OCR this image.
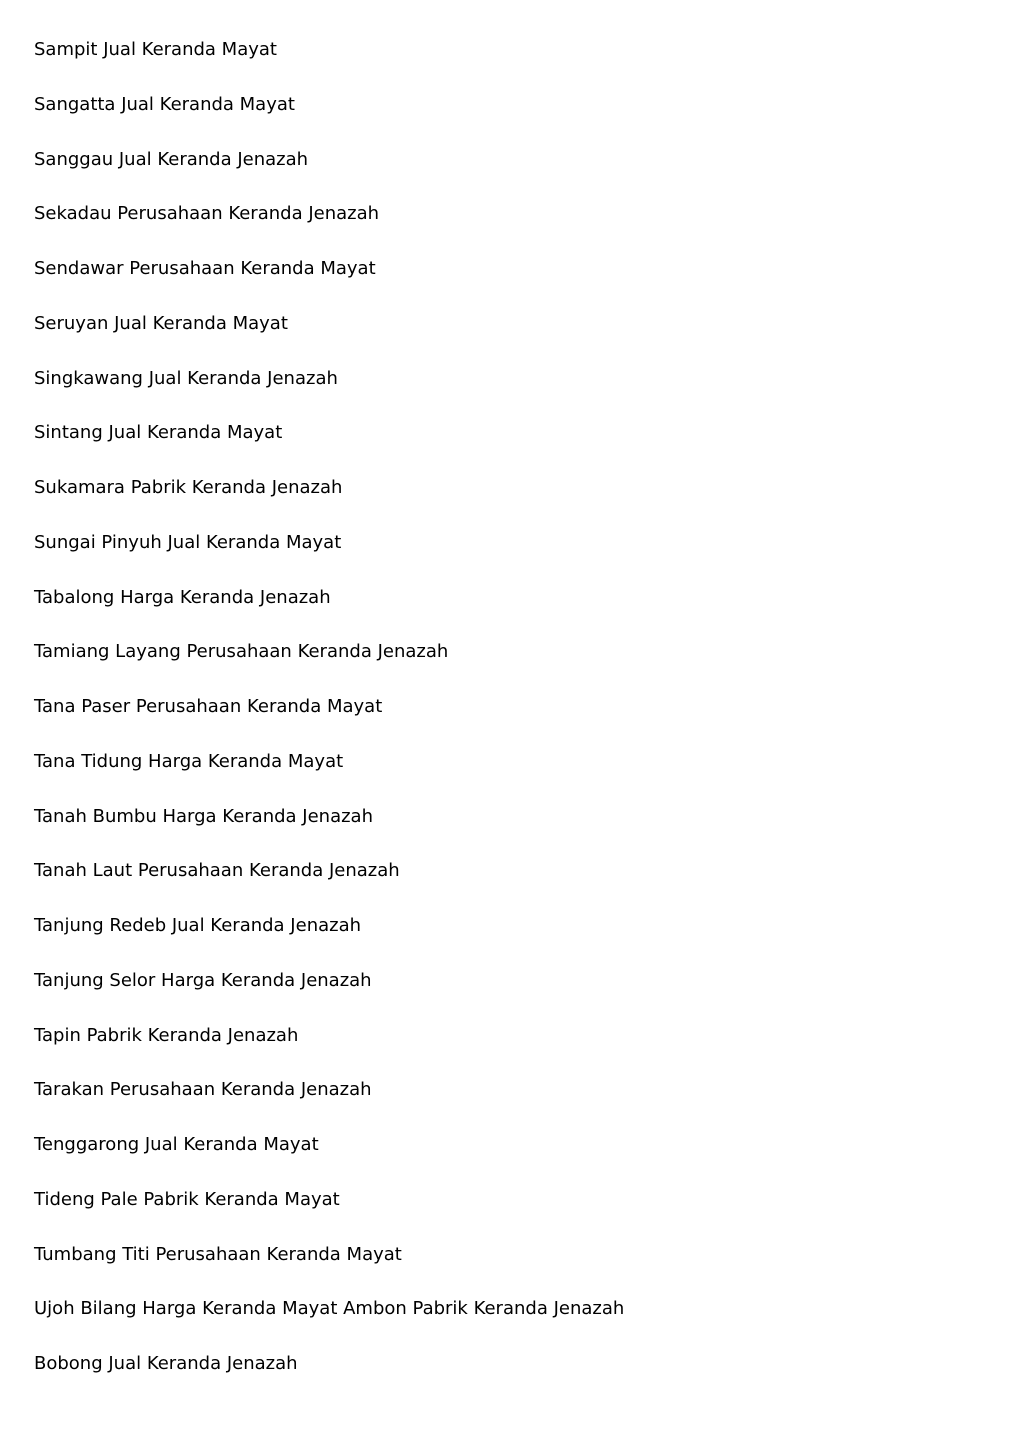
Sampit Jual Keranda Mayat
Sangatta Jual Keranda Mayat
Sanggau Jual Keranda Jenazah
Sekadau Perusahaan Keranda Jenazah
Sendawar Perusahaan Keranda Mayat
Seruyan Jual Keranda Mayat
Singkawang Jual Keranda Jenazah
Sintang Jual Keranda Mayat
Sukamara Pabrik Keranda Jenazah
Sungai Pinyuh Jual Keranda Mayat
Tabalong Harga Keranda Jenazah
Tamiang Layang Perusahaan Keranda Jenazah
Tana Paser Perusahaan Keranda Mayat
Tana Tidung Harga Keranda Mayat
Tanah Bumbu Harga Keranda Jenazah
Tanah Laut Perusahaan Keranda Jenazah
Tanjung Redeb Jual Keranda Jenazah
Tanjung Selor Harga Keranda Jenazah
Tapin Pabrik Keranda Jenazah
Tarakan Perusahaan Keranda Jenazah
Tenggarong Jual Keranda Mayat
Tideng Pale Pabrik Keranda Mayat
Tumbang Titi Perusahaan Keranda Mayat
Ujoh Bilang Harga Keranda Mayat Ambon Pabrik Keranda Jenazah
Bobong Jual Keranda Jenazah
